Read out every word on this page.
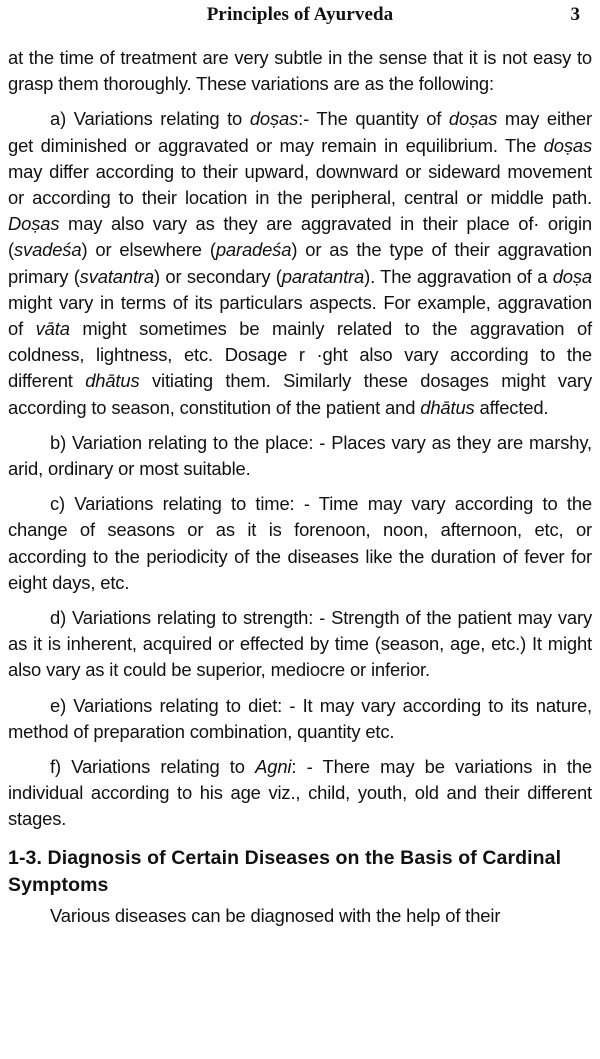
Principles of Ayurveda	3

at the time of treatment are very subtle in the sense that it is not easy to grasp them thoroughly. These variations are as the following:

a) Variations relating to doṣas:- The quantity of doṣas may either get diminished or aggravated or may remain in equilibrium. The doṣas may differ according to their upward, downward or sideward movement or according to their location in the peripheral, central or middle path. Doṣas may also vary as they are aggravated in their place of· origin (svadeśa) or elsewhere (paradeśa) or as the type of their aggravation primary (svatantra) or secondary (paratantra). The aggravation of a doṣa might vary in terms of its particulars aspects. For example, aggravation of vāta might sometimes be mainly related to the aggravation of coldness, lightness, etc. Dosage r ·ght also vary according to the different dhātus vitiating them. Similarly these dosages might vary according to season, constitution of the patient and dhātus affected.

b) Variation relating to the place: - Places vary as they are marshy, arid, ordinary or most suitable.

c) Variations relating to time: - Time may vary according to the change of seasons or as it is forenoon, noon, afternoon, etc, or according to the periodicity of the diseases like the duration of fever for eight days, etc.

d) Variations relating to strength: - Strength of the patient may vary as it is inherent, acquired or effected by time (season, age, etc.) It might also vary as it could be superior, mediocre or inferior.

e) Variations relating to diet: - It may vary according to its nature, method of preparation combination, quantity etc.

f) Variations relating to Agni: - There may be variations in the individual according to his age viz., child, youth, old and their different stages.

1-3. Diagnosis of Certain Diseases on the Basis of Cardinal Symptoms

Various diseases can be diagnosed with the help of their
